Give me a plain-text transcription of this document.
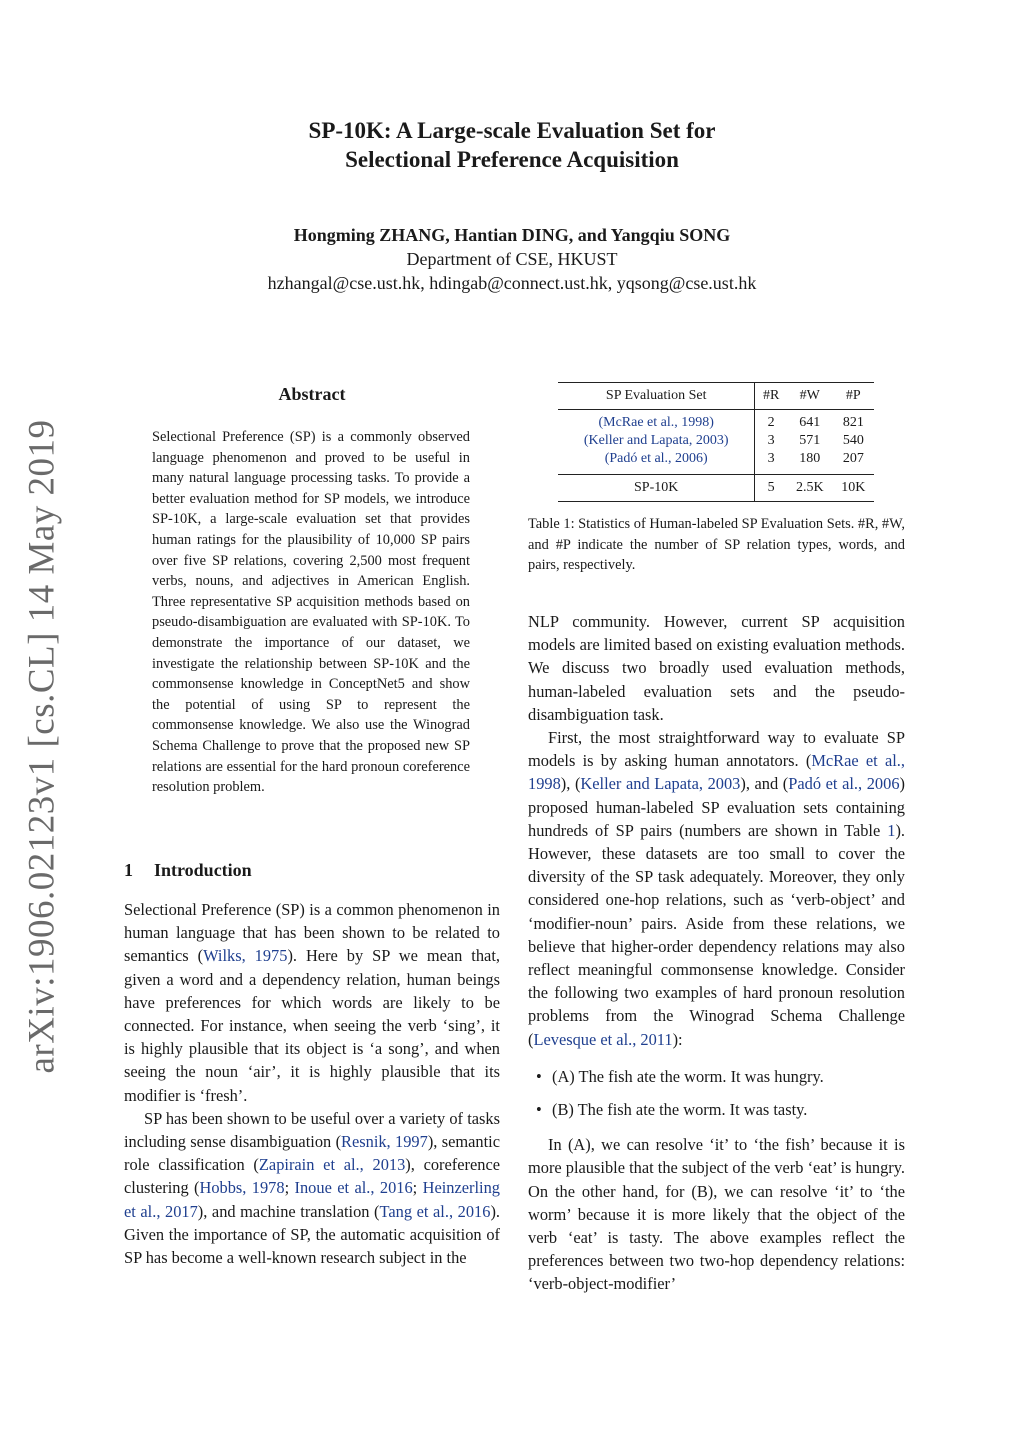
arXiv:1906.02123v1 [cs.CL] 14 May 2019
SP-10K: A Large-scale Evaluation Set for
Selectional Preference Acquisition
Hongming ZHANG, Hantian DING, and Yangqiu SONG
Department of CSE, HKUST
hzhangal@cse.ust.hk, hdingab@connect.ust.hk, yqsong@cse.ust.hk
Abstract
Selectional Preference (SP) is a commonly observed language phenomenon and proved to be useful in many natural language processing tasks. To provide a better evaluation method for SP models, we introduce SP-10K, a large-scale evaluation set that provides human ratings for the plausibility of 10,000 SP pairs over five SP relations, covering 2,500 most frequent verbs, nouns, and adjectives in American English. Three representative SP acquisition methods based on pseudo-disambiguation are evaluated with SP-10K. To demonstrate the importance of our dataset, we investigate the relationship between SP-10K and the commonsense knowledge in ConceptNet5 and show the potential of using SP to represent the commonsense knowledge. We also use the Winograd Schema Challenge to prove that the proposed new SP relations are essential for the hard pronoun coreference resolution problem.
1 Introduction

Selectional Preference (SP) is a common phenomenon in human language that has been shown to be related to semantics (Wilks, 1975). Here by SP we mean that, given a word and a dependency relation, human beings have preferences for which words are likely to be connected. For instance, when seeing the verb ‘sing’, it is highly plausible that its object is ‘a song’, and when seeing the noun ‘air’, it is highly plausible that its modifier is ‘fresh’.

SP has been shown to be useful over a variety of tasks including sense disambiguation (Resnik, 1997), semantic role classification (Zapirain et al., 2013), coreference clustering (Hobbs, 1978; Inoue et al., 2016; Heinzerling et al., 2017), and machine translation (Tang et al., 2016). Given the importance of SP, the automatic acquisition of SP has become a well-known research subject in the

SP Evaluation Set	#R	#W	#P
(McRae et al., 1998)	2	641	821
(Keller and Lapata, 2003)	3	571	540
(Padó et al., 2006)	3	180	207
SP-10K	5	2.5K	10K
Table 1: Statistics of Human-labeled SP Evaluation Sets. #R, #W, and #P indicate the number of SP relation types, words, and pairs, respectively.

NLP community. However, current SP acquisition models are limited based on existing evaluation methods. We discuss two broadly used evaluation methods, human-labeled evaluation sets and the pseudo-disambiguation task.

First, the most straightforward way to evaluate SP models is by asking human annotators. (McRae et al., 1998), (Keller and Lapata, 2003), and (Padó et al., 2006) proposed human-labeled SP evaluation sets containing hundreds of SP pairs (numbers are shown in Table 1). However, these datasets are too small to cover the diversity of the SP task adequately. Moreover, they only considered one-hop relations, such as ‘verb-object’ and ‘modifier-noun’ pairs. Aside from these relations, we believe that higher-order dependency relations may also reflect meaningful commonsense knowledge. Consider the following two examples of hard pronoun resolution problems from the Winograd Schema Challenge (Levesque et al., 2011):

• (A) The fish ate the worm. It was hungry.
• (B) The fish ate the worm. It was tasty.

In (A), we can resolve ‘it’ to ‘the fish’ because it is more plausible that the subject of the verb ‘eat’ is hungry. On the other hand, for (B), we can resolve ‘it’ to ‘the worm’ because it is more likely that the object of the verb ‘eat’ is tasty. The above examples reflect the preferences between two two-hop dependency relations: ‘verb-object-modifier’
